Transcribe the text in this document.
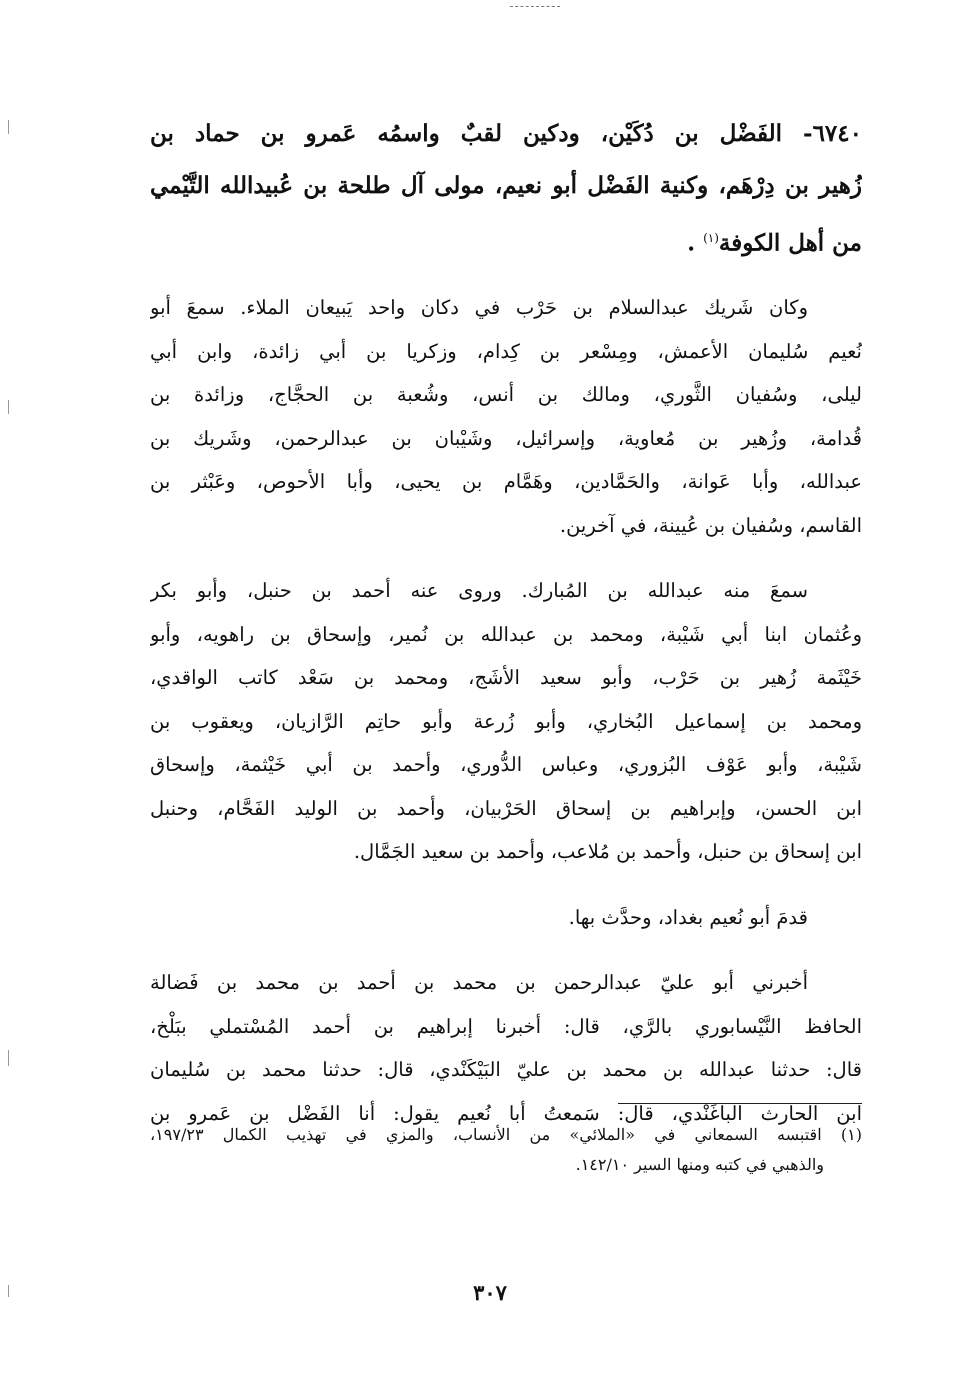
٦٧٤٠- الفَضْل بن دُكَيْن، ودكين لقبٌ واسمُه عَمرو بن حماد بن
زُهير بن دِرْهَم، وكنية الفَضْل أبو نعيم، مولى آل طلحة بن عُبيدالله التَّيْمي
من أهل الكوفة$^{(١)}$ .
وكان شَريك عبدالسلام بن حَرْب في دكان واحد يَبيعان الملاء. سمعَ أبو
نُعيم سُليمان الأعمش، ومِسْعر بن كِدام، وزكريا بن أبي زائدة، وابن أبي
ليلى، وسُفيان الثَّوري، ومالك بن أنس، وشُعبة بن الحجَّاج، وزائدة بن
قُدامة، وزُهير بن مُعاوية، وإسرائيل، وشَيْبان بن عبدالرحمن، وشَريك بن
عبدالله، وأبا عَوانة، والحَمَّادين، وهَمَّام بن يحيى، وأبا الأحوص، وعَبْثر بن
القاسم، وسُفيان بن عُيينة، في آخرين.
سمعَ منه عبدالله بن المُبارك. وروى عنه أحمد بن حنبل، وأبو بكر
وعُثمان ابنا أبي شَيْبة، ومحمد بن عبدالله بن نُمير، وإسحاق بن راهويه، وأبو
خَيْثَمة زُهير بن حَرْب، وأبو سعيد الأشَج، ومحمد بن سَعْد كاتب الواقدي،
ومحمد بن إسماعيل البُخاري، وأبو زُرعة وأبو حاتِم الرَّازيان، ويعقوب بن
شَيْبة، وأبو عَوْف البُزوري، وعباس الدُّوري، وأحمد بن أبي خَيْثمة، وإسحاق
ابن الحسن، وإبراهيم بن إسحاق الحَرْبيان، وأحمد بن الوليد الفَحَّام، وحنبل
ابن إسحاق بن حنبل، وأحمد بن مُلاعب، وأحمد بن سعيد الجَمَّال.
قدمَ أبو نُعيم بغداد، وحدَّث بها.
أخبرني أبو عليّ عبدالرحمن بن محمد بن أحمد بن محمد بن فَضالة
الحافظ النَّيْسابوري بالرَّي، قال: أخبرنا إبراهيم بن أحمد المُسْتملي ببَلْخ،
قال: حدثنا عبدالله بن محمد بن عليّ البَيْكَنْدي، قال: حدثنا محمد بن سُليمان
ابن الحارث الباغَنْدي، قال: سَمعتُ أبا نُعيم يقول: أنا الفَضْل بن عَمرو بن
(١) اقتبسه السمعاني في «الملائي» من الأنساب، والمزي في تهذيب الكمال ١٩٧/٢٣،
والذهبي في كتبه ومنها السير ١٤٢/١٠.
٣٠٧
